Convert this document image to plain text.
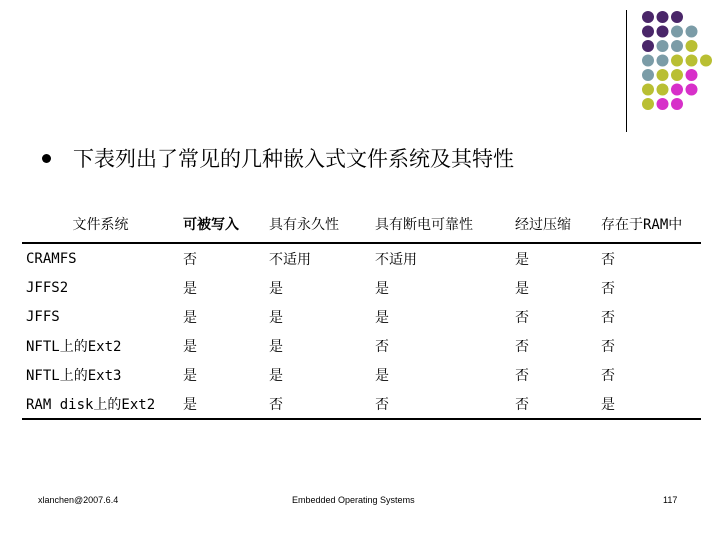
下表列出了常见的几种嵌入式文件系统及其特性
文件系统	可被写入	具有永久性	具有断电可靠性	经过压缩	存在于RAM中
CRAMFS	否	不适用	不适用	是	否
JFFS2	是	是	是	是	否
JFFS	是	是	是	否	否
NFTL上的Ext2	是	是	否	否	否
NFTL上的Ext3	是	是	是	否	否
RAM disk上的Ext2	是	否	否	否	是
xlanchen@2007.6.4	Embedded Operating Systems	117
